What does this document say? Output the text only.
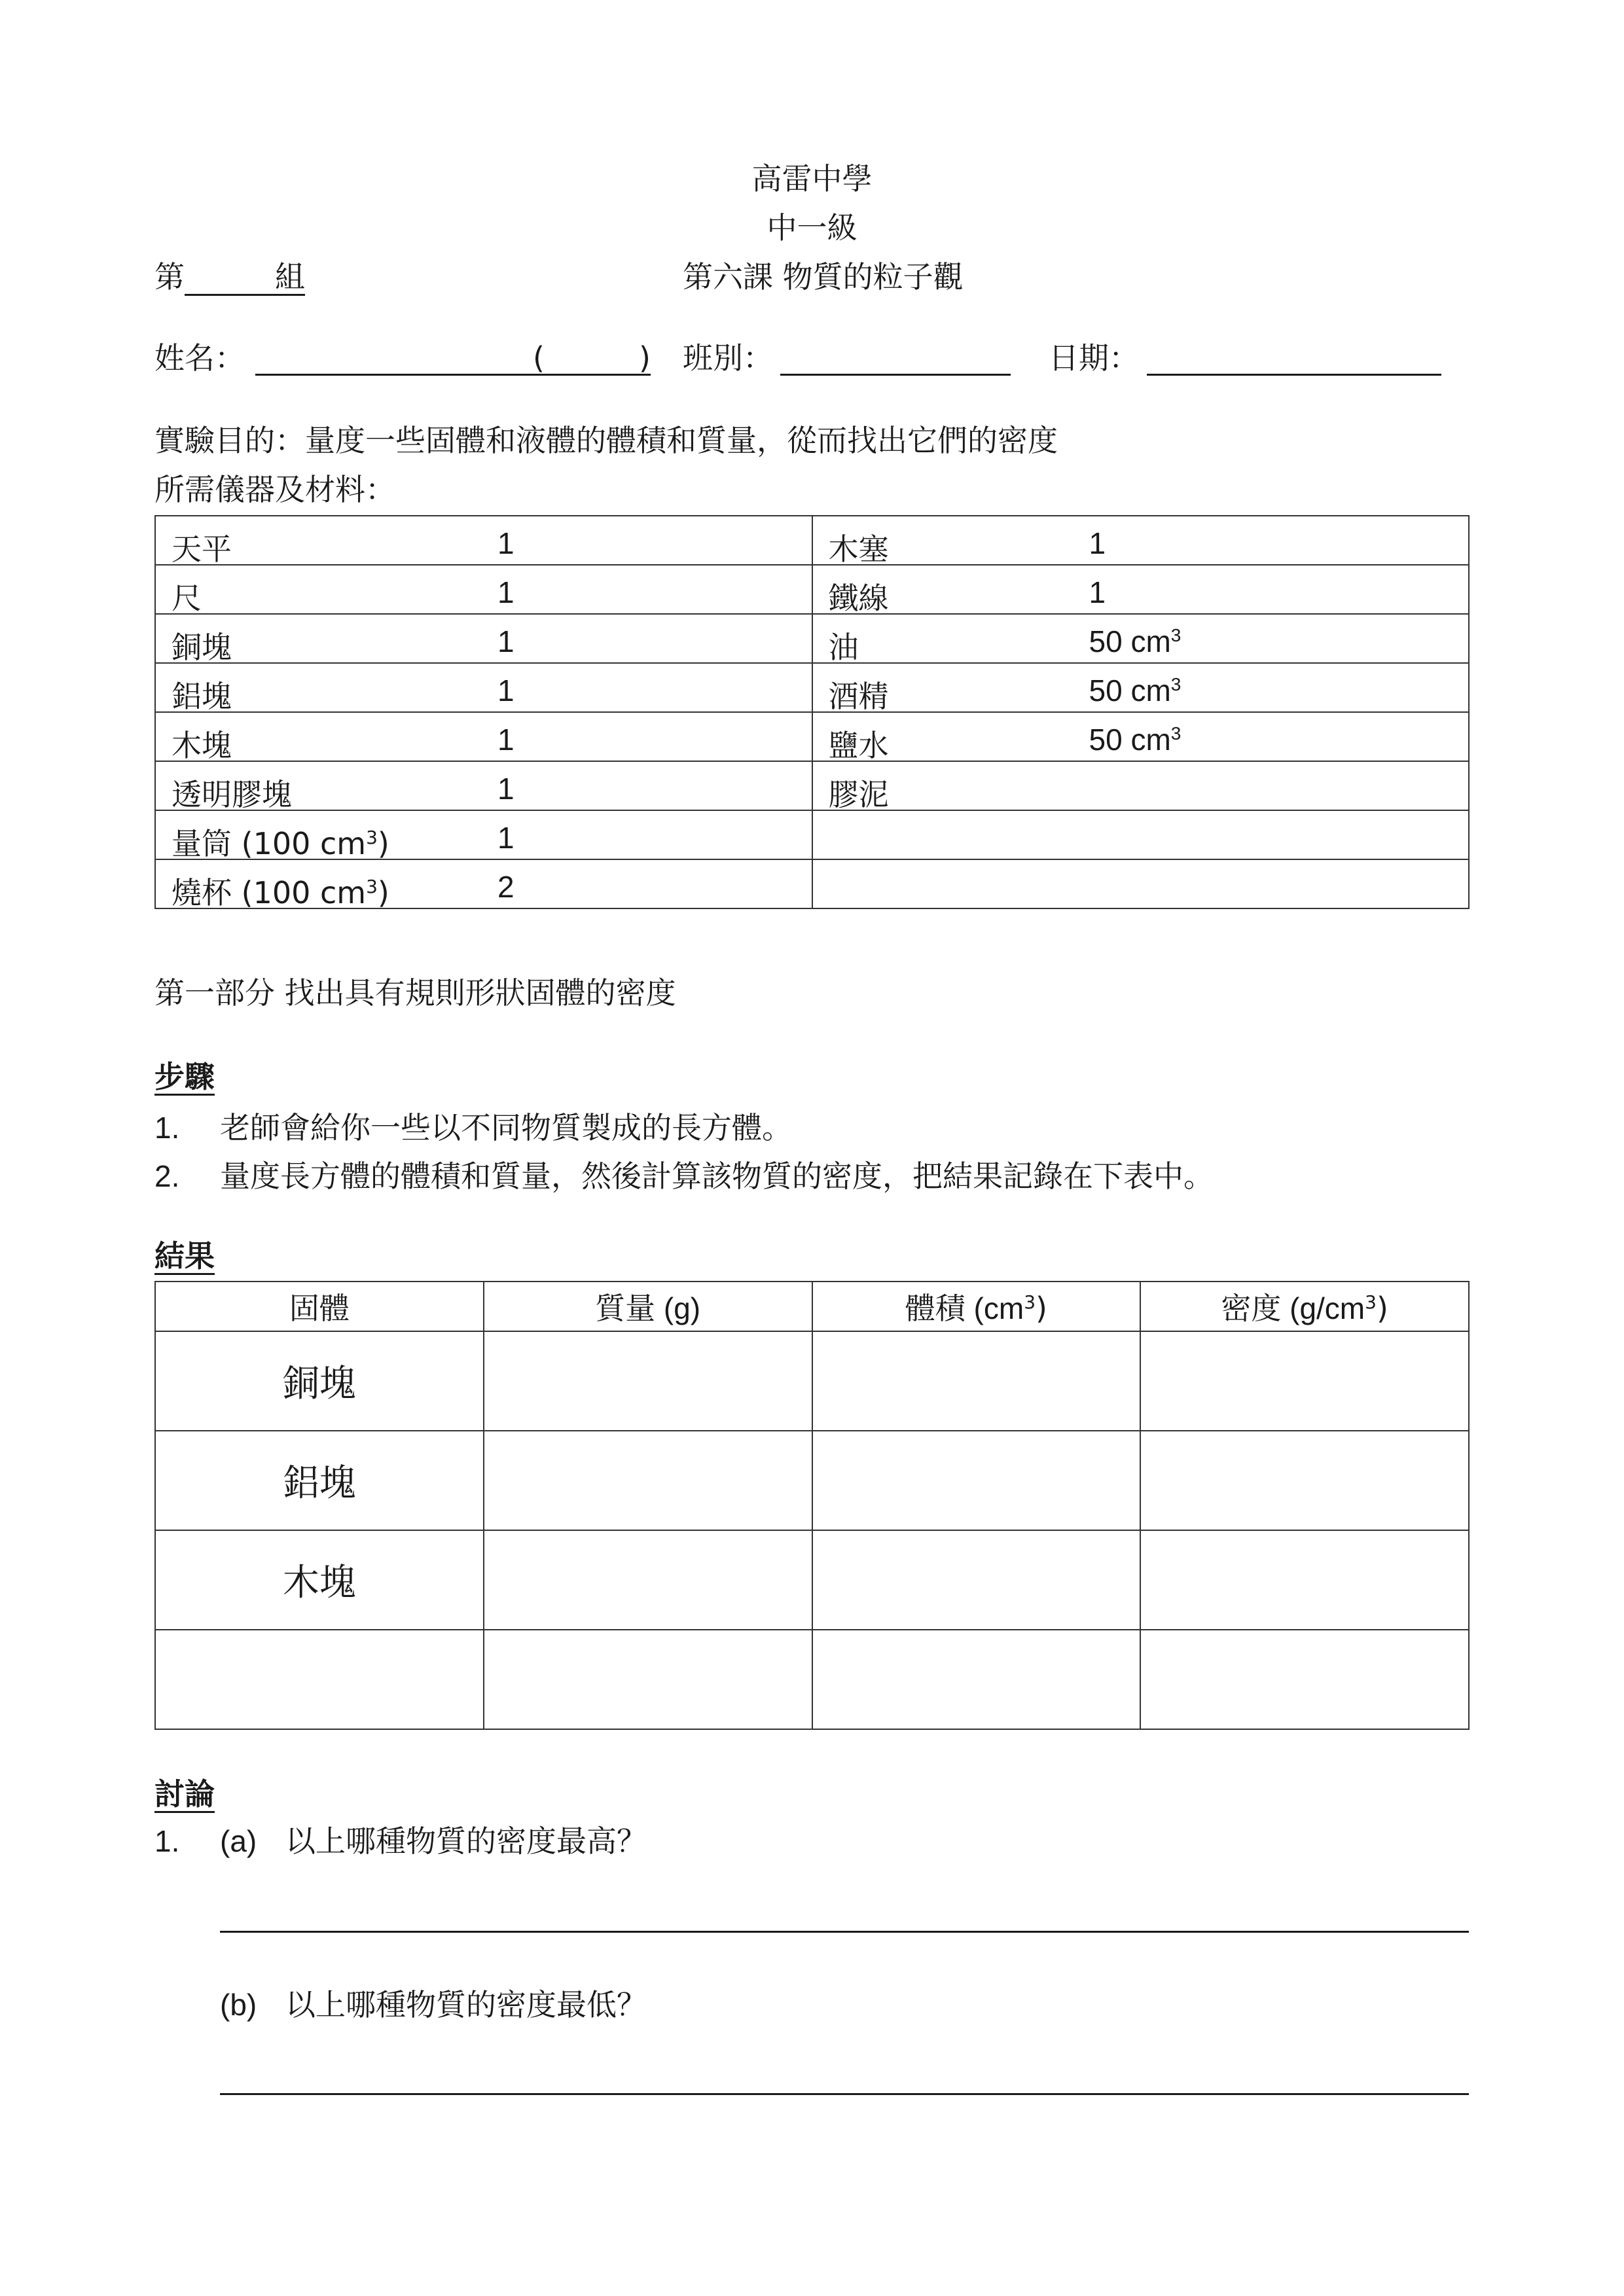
高雷中學
中一級
第	組	第六課 物質的粒子觀
姓名：	(	) 班別：	日期：
實驗目的：量度一些固體和液體的體積和質量，從而找出它們的密度
所需儀器及材料：
天平 1	木塞 1

尺 1	鐵線 1

銅塊 1	油 50 $cm^3$

鋁塊 1	酒精 50 $cm^3$

木塊 1	鹽水 50 $cm^3$

透明膠塊 1	膠泥

量筒 (100 $cm^3$) 1	

燒杯 (100 $cm^3$) 2	

第一部分 找出具有規則形狀固體的密度
步驟
1. 老師會給你一些以不同物質製成的長方體。
2. 量度長方體的體積和質量，然後計算該物質的密度，把結果記錄在下表中。
結果
固體	質量 (g)	體積 $(cm^3)$	密度 $(g/cm^3)$
銅塊			
鋁塊			
木塊			

討論
1. (a) 以上哪種物質的密度最高？
(b) 以上哪種物質的密度最低？
